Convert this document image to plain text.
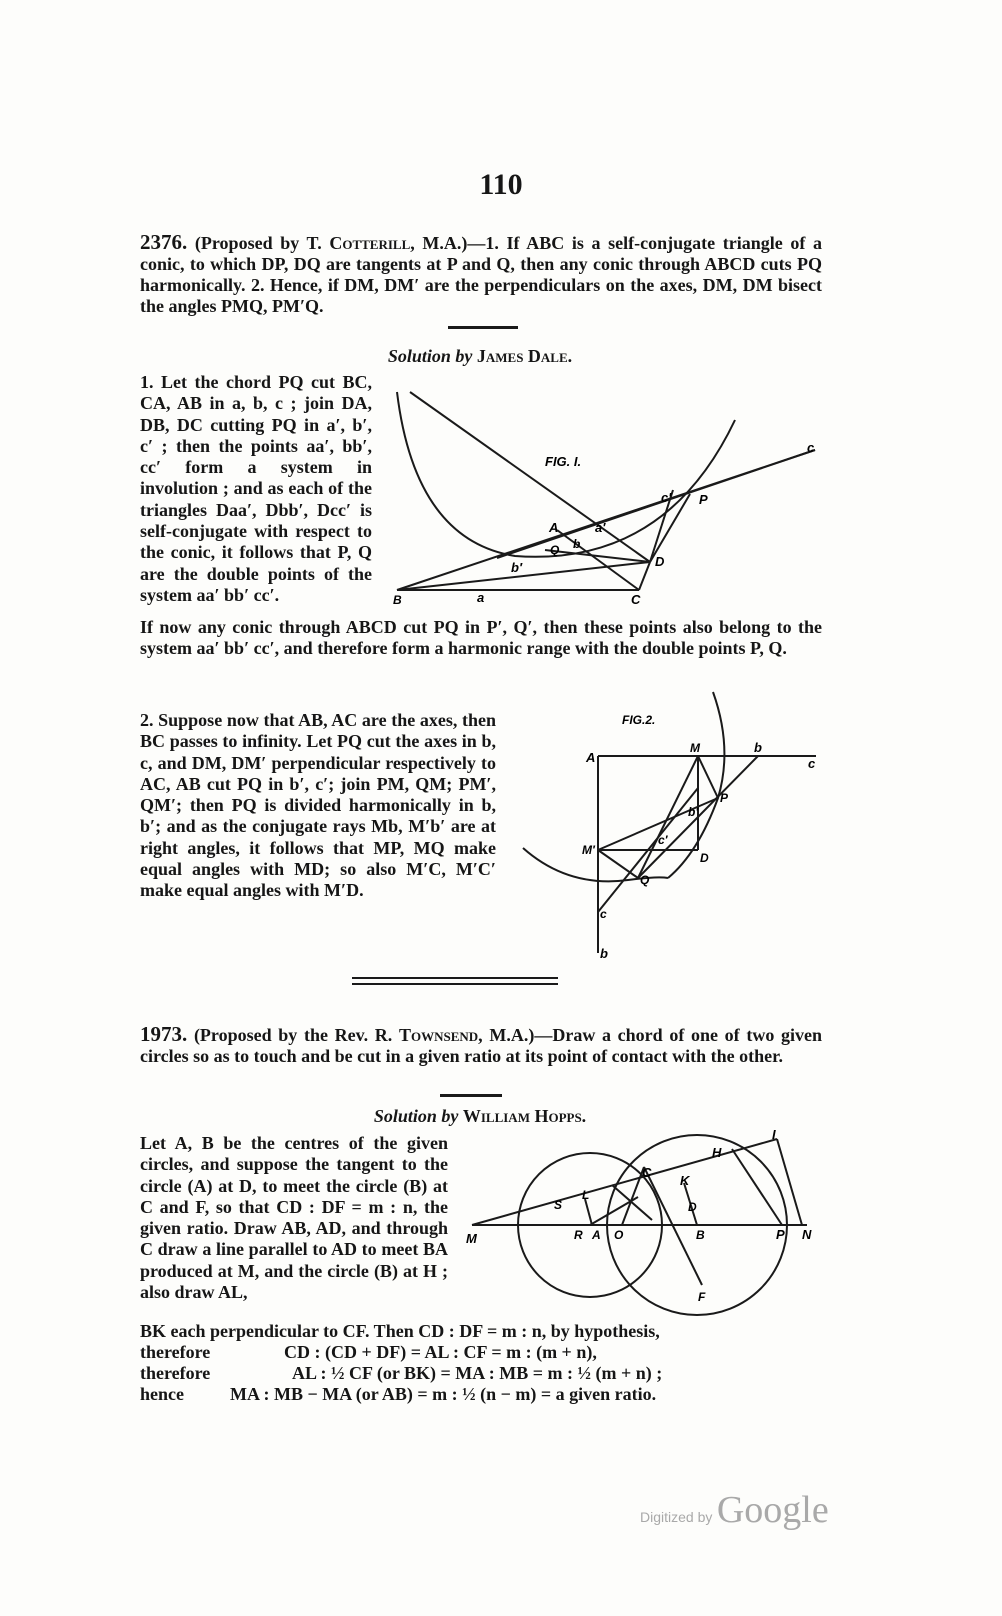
110
2376. (Proposed by T. Cotterill, M.A.)—1. If ABC is a self-conjugate triangle of a conic, to which DP, DQ are tangents at P and Q, then any conic through ABCD cuts PQ harmonically. 2. Hence, if DM, DM′ are the perpendiculars on the axes, DM, DM bisect the angles PMQ, PM′Q.
Solution by James Dale.
1. Let the chord PQ cut BC, CA, AB in a, b, c ; join DA, DB, DC cutting PQ in a′, b′, c′ ; then the points aa′, bb′, cc′ form a system in involution ; and as each of the triangles Daa′, Dbb′, Dcc′ is self-conjugate with respect to the conic, it follows that P, Q are the double points of the system aa′ bb′ cc′.
FIG. I.
c′ P
a′
A
b
Q
b′	D
B	a	C
c
If now any conic through ABCD cut PQ in P′, Q′, then these points also belong to the system aa′ bb′ cc′, and therefore form a harmonic range with the double points P, Q.
2. Suppose now that AB, AC are the axes, then BC passes to infinity. Let PQ cut the axes in b, c, and DM, DM′ perpendicular respectively to AC, AB cut PQ in b′, c′; join PM, QM; PM′, QM′; then PQ is divided harmonically in b, b′; and as the conjugate rays Mb, M′b′ are at right angles, it follows that MP, MQ make equal angles with MD; so also M′C, M′C′ make equal angles with M′D.
FIG.2.
A
M	b
c
P
b′
c′
M′
D
Q
c
b
1973. (Proposed by the Rev. R. Townsend, M.A.)—Draw a chord of one of two given circles so as to touch and be cut in a given ratio at its point of contact with the other.
Solution by William Hopps.
Let A, B be the centres of the given circles, and suppose the tangent to the circle (A) at D, to meet the circle (B) at C and F, so that CD : DF = m : n, the given ratio. Draw AB, AD, and through C draw a line parallel to AD to meet BA produced at M, and the circle (B) at H ; also draw AL,
I
H
C
K
S
L
D
M	R A O	B	P N
F
BK each perpendicular to CF. Then CD : DF = m : n, by hypothesis,
therefore	CD : (CD + DF) = AL : CF = m : (m + n),
therefore	AL : ½ CF (or BK) = MA : MB = m : ½ (m + n) ;
hence	MA : MB − MA (or AB) = m : ½ (n − m) = a given ratio.
Digitized by Google
